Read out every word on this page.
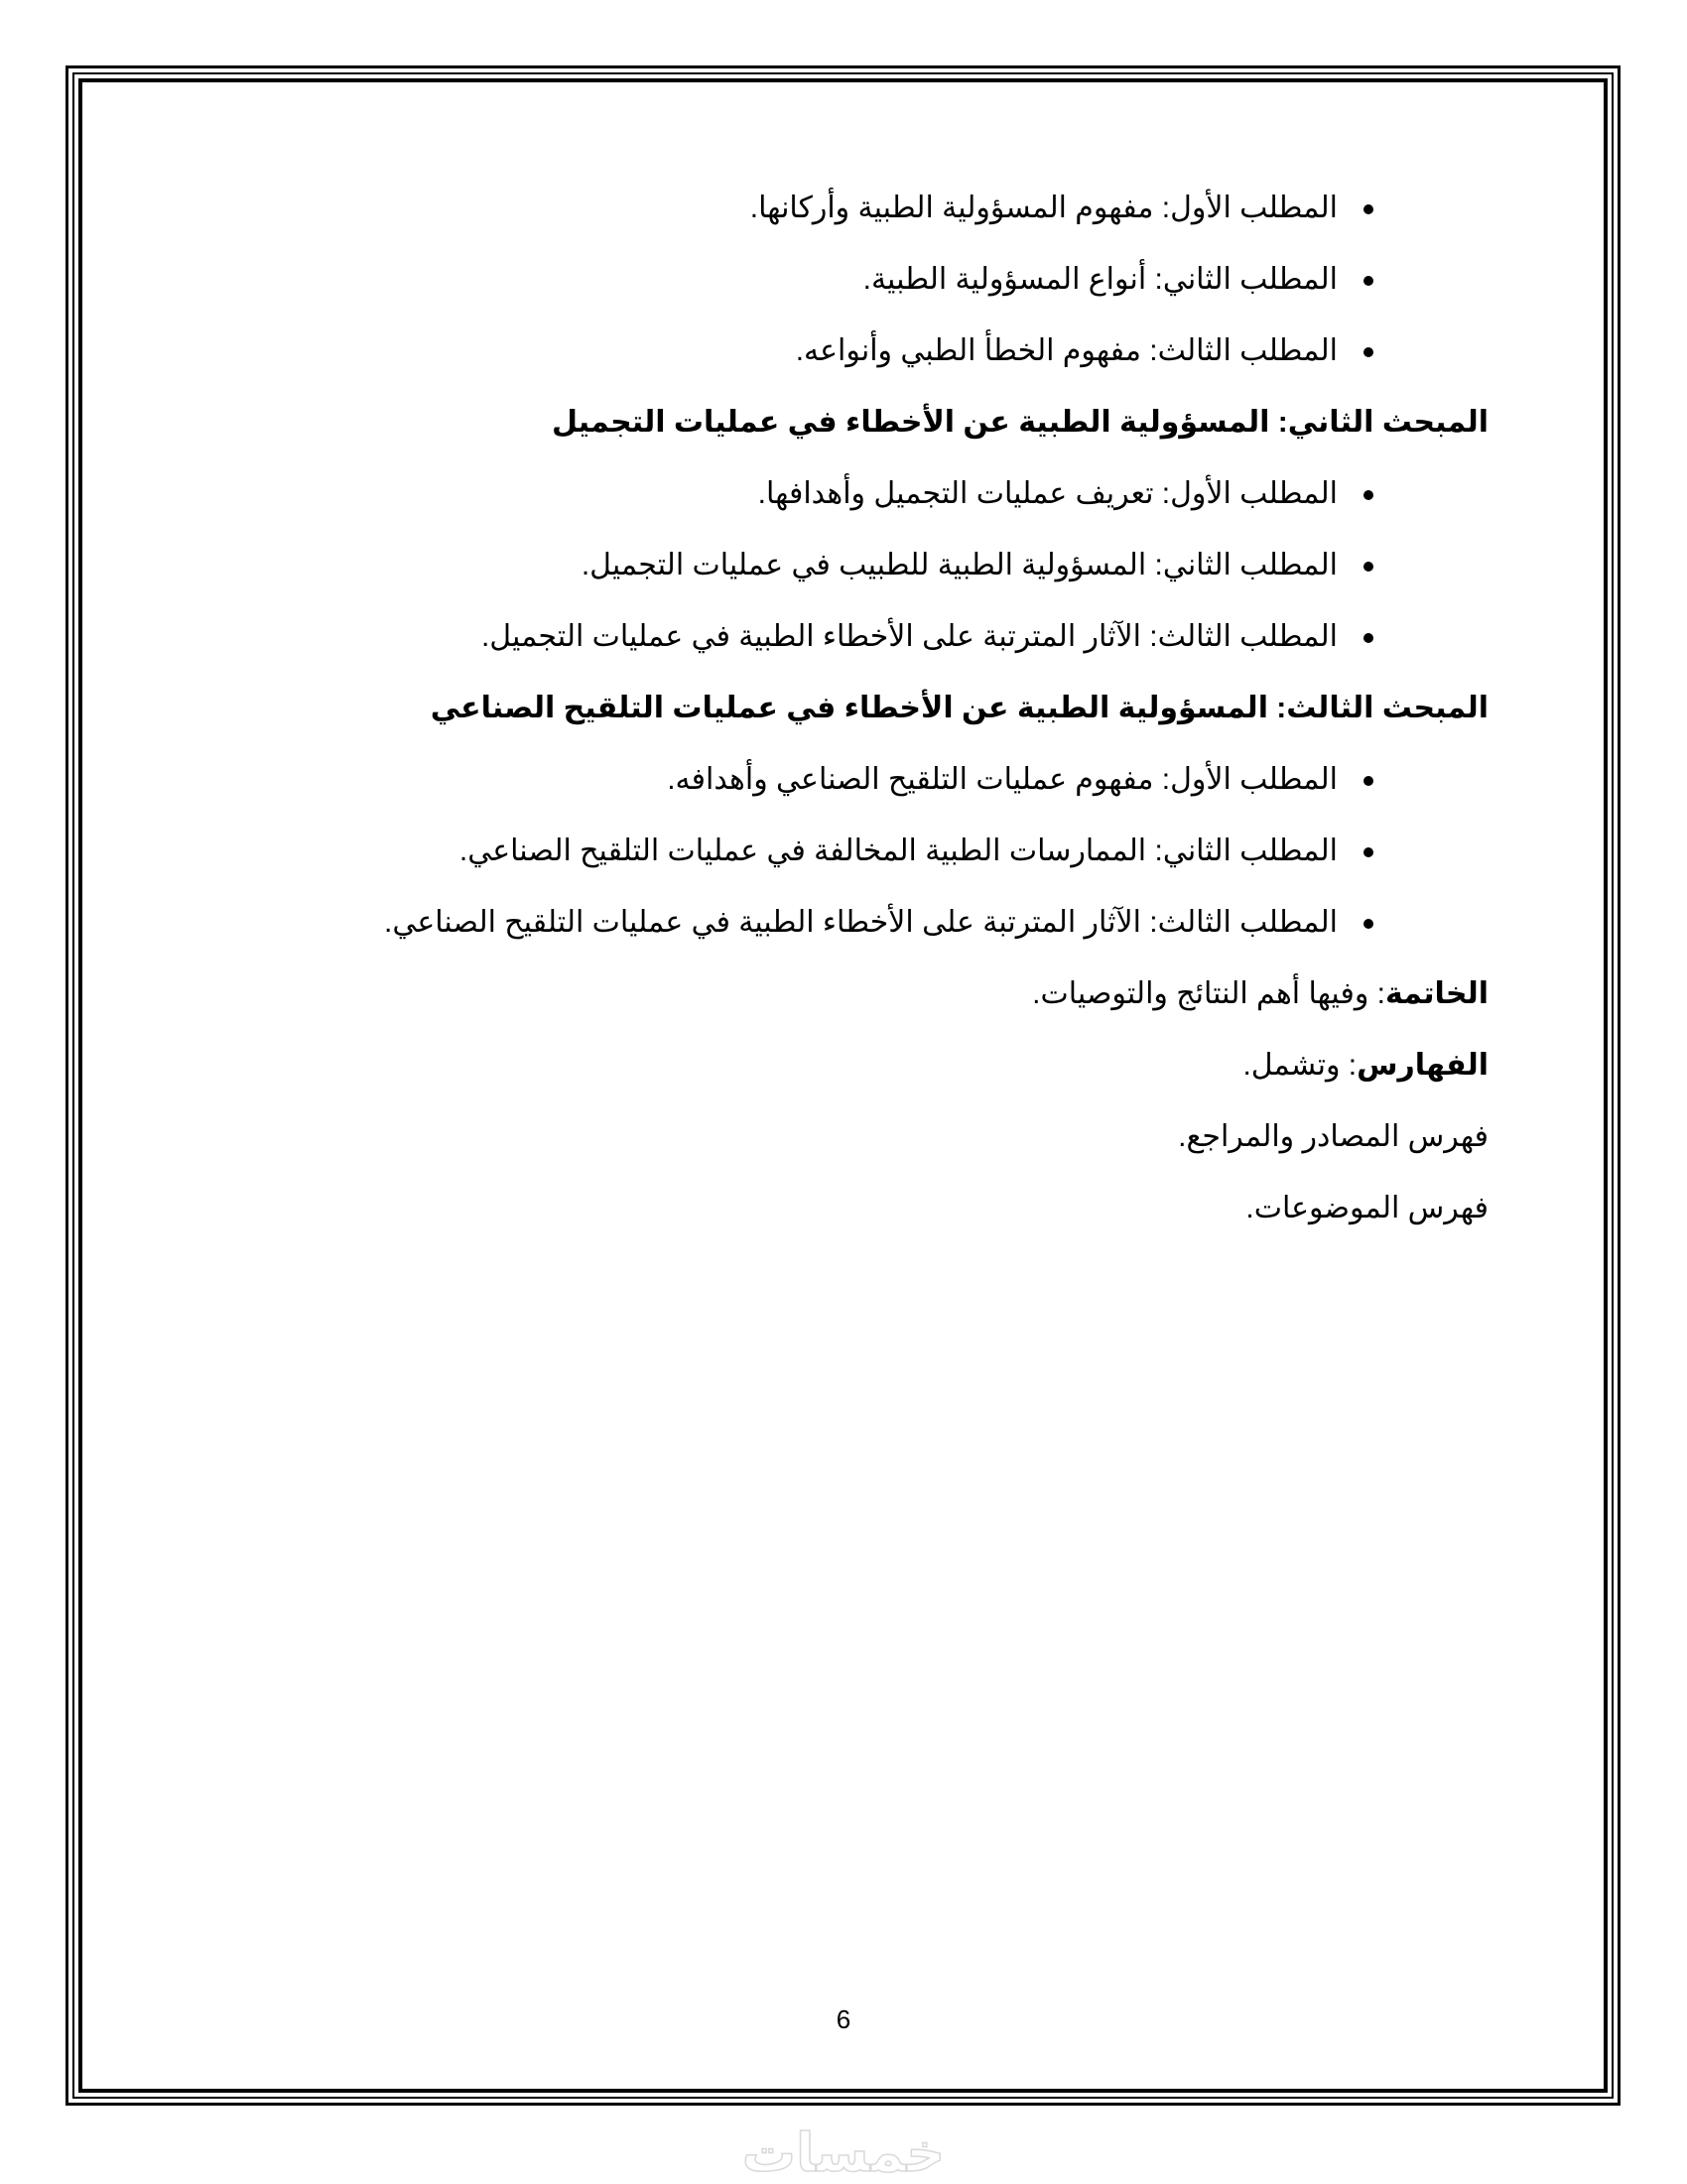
المطلب الأول: مفهوم المسؤولية الطبية وأركانها.
المطلب الثاني: أنواع المسؤولية الطبية.
المطلب الثالث: مفهوم الخطأ الطبي وأنواعه.
المبحث الثاني: المسؤولية الطبية عن الأخطاء في عمليات التجميل
المطلب الأول: تعريف عمليات التجميل وأهدافها.
المطلب الثاني: المسؤولية الطبية للطبيب في عمليات التجميل.
المطلب الثالث: الآثار المترتبة على الأخطاء الطبية في عمليات التجميل.
المبحث الثالث: المسؤولية الطبية عن الأخطاء في عمليات التلقيح الصناعي
المطلب الأول: مفهوم عمليات التلقيح الصناعي وأهدافه.
المطلب الثاني: الممارسات الطبية المخالفة في عمليات التلقيح الصناعي.
المطلب الثالث: الآثار المترتبة على الأخطاء الطبية في عمليات التلقيح الصناعي.
الخاتمة: وفيها أهم النتائج والتوصيات.
الفهارس: وتشمل.
فهرس المصادر والمراجع.
فهرس الموضوعات.
6
خمسات
